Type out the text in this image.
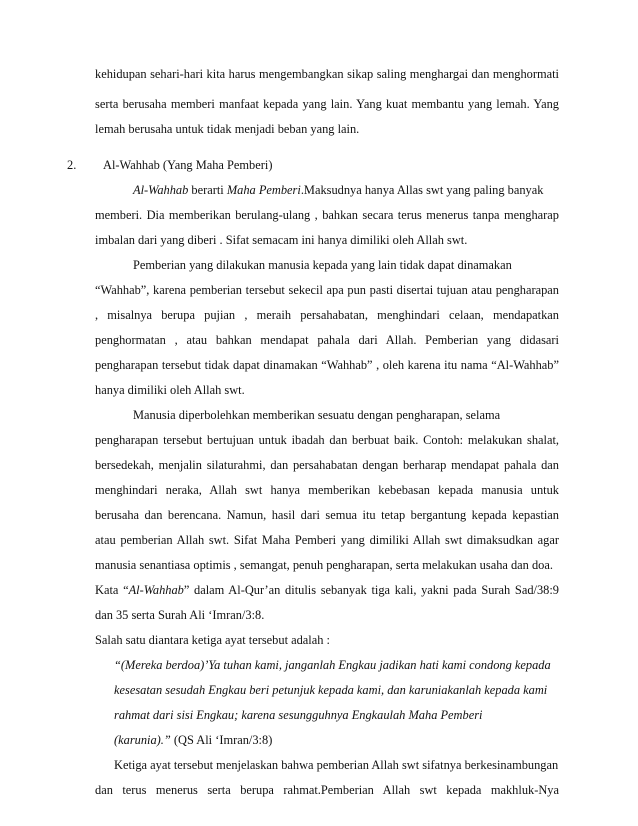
kehidupan sehari-hari kita harus mengembangkan sikap saling menghargai dan menghormati
serta berusaha memberi manfaat kepada yang lain. Yang kuat membantu yang lemah. Yang
lemah berusaha untuk tidak menjadi beban yang lain.
2. Al-Wahhab (Yang Maha Pemberi)
Al-Wahhab berarti Maha Pemberi.Maksudnya hanya Allas swt yang paling banyak
memberi. Dia memberikan berulang-ulang , bahkan secara terus menerus tanpa mengharap
imbalan dari yang diberi . Sifat semacam ini hanya dimiliki oleh Allah swt.
Pemberian yang dilakukan manusia kepada yang lain tidak dapat dinamakan
“Wahhab”, karena pemberian tersebut sekecil apa pun pasti disertai tujuan atau pengharapan
, misalnya berupa pujian , meraih persahabatan, menghindari celaan, mendapatkan
penghormatan , atau bahkan mendapat pahala dari Allah. Pemberian yang didasari
pengharapan tersebut tidak dapat dinamakan “Wahhab” , oleh karena itu nama “Al-Wahhab”
hanya dimiliki oleh Allah swt.
Manusia diperbolehkan memberikan sesuatu dengan pengharapan, selama
pengharapan tersebut bertujuan untuk ibadah dan berbuat baik. Contoh: melakukan shalat,
bersedekah, menjalin silaturahmi, dan persahabatan dengan berharap mendapat pahala dan
menghindari neraka, Allah swt hanya memberikan kebebasan kepada manusia untuk
berusaha dan berencana. Namun, hasil dari semua itu tetap bergantung kepada kepastian
atau pemberian Allah swt. Sifat Maha Pemberi yang dimiliki Allah swt dimaksudkan agar
manusia senantiasa optimis , semangat, penuh pengharapan, serta melakukan usaha dan doa.
Kata “Al-Wahhab” dalam Al-Qur’an ditulis sebanyak tiga kali, yakni pada Surah Sad/38:9
dan 35 serta Surah Ali ‘Imran/3:8.
Salah satu diantara ketiga ayat tersebut adalah :
“(Mereka berdoa)’Ya tuhan kami, janganlah Engkau jadikan hati kami condong kepada
kesesatan sesudah Engkau beri petunjuk kepada kami, dan karuniakanlah kepada kami
rahmat dari sisi Engkau; karena sesungguhnya Engkaulah Maha Pemberi
(karunia).” (QS Ali ‘Imran/3:8)
Ketiga ayat tersebut menjelaskan bahwa pemberian Allah swt sifatnya berkesinambungan
dan terus menerus serta berupa rahmat.Pemberian Allah swt kepada makhluk-Nya
